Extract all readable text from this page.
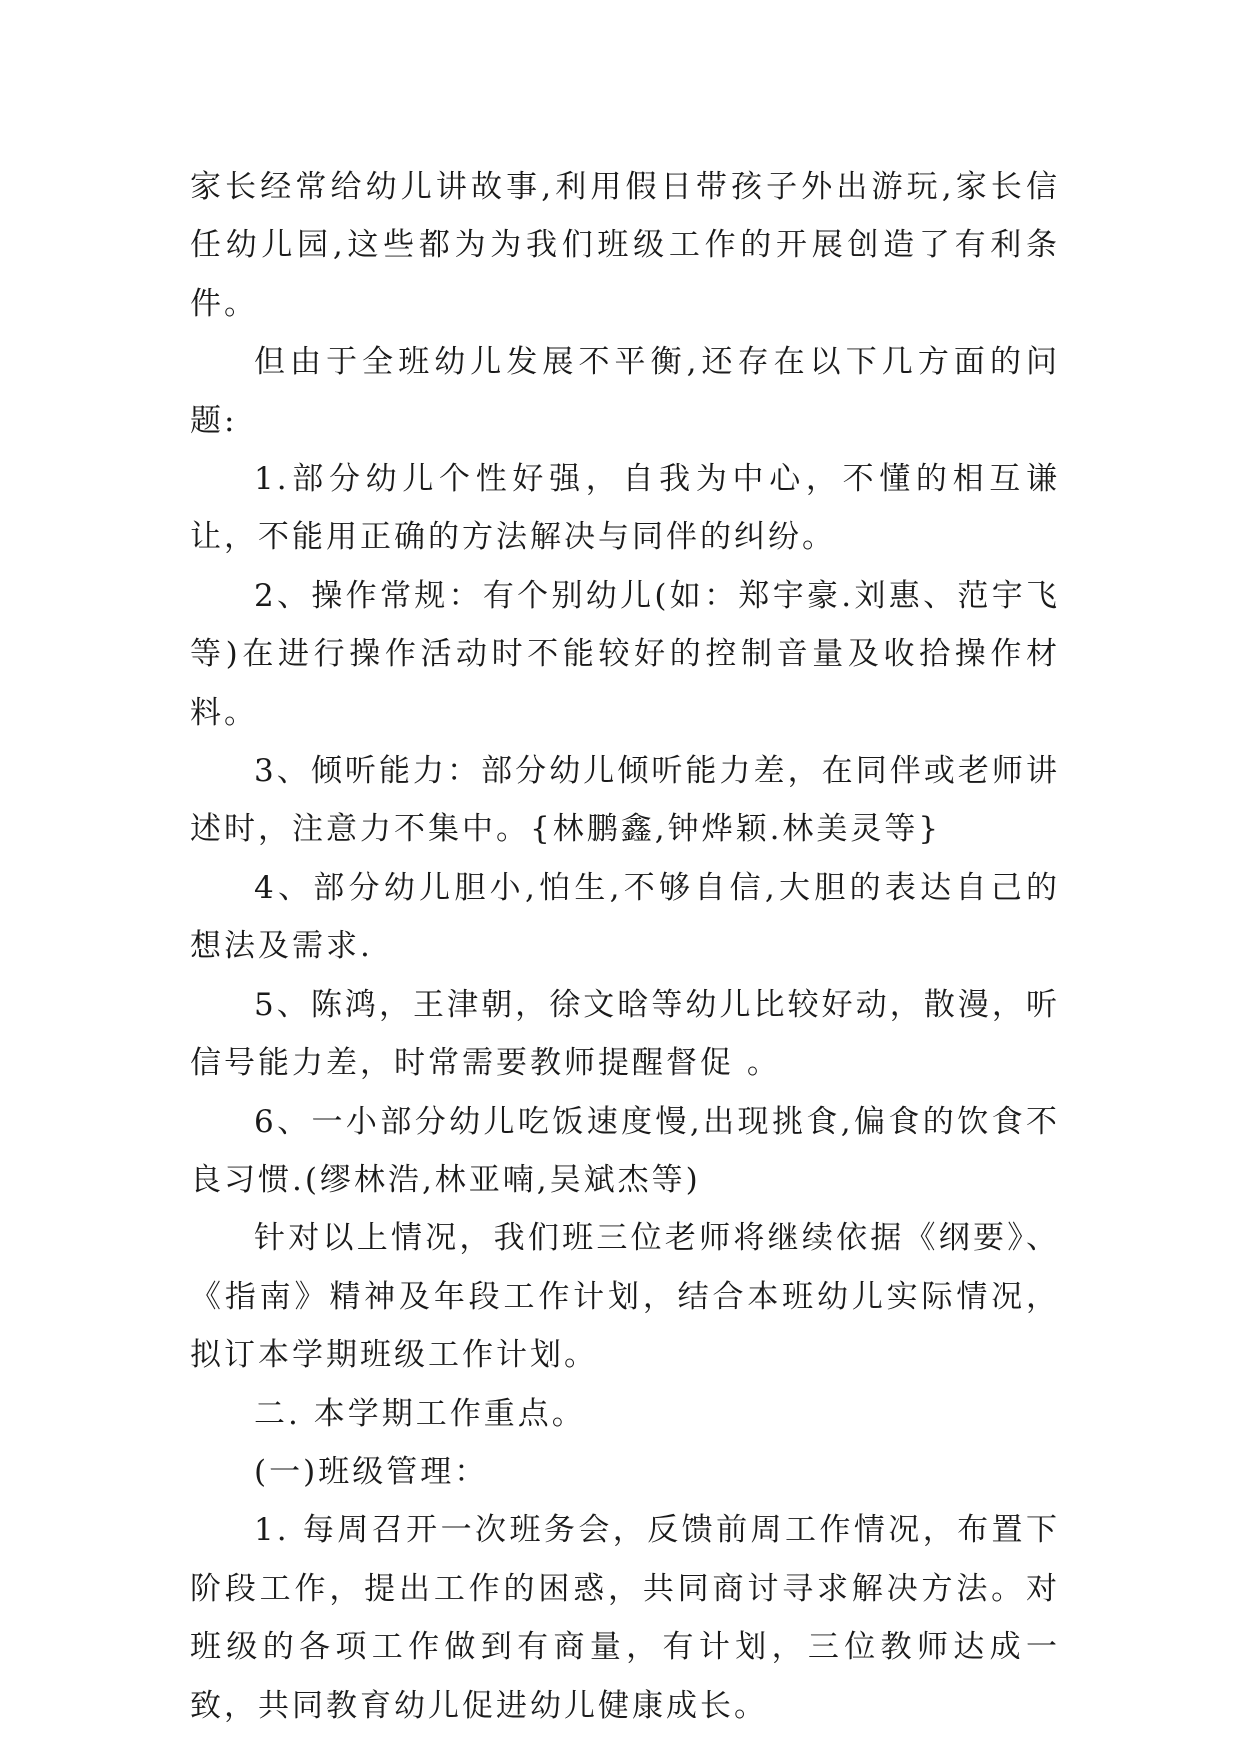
家长经常给幼儿讲故事,利用假日带孩子外出游玩,家长信任幼儿园,这些都为为我们班级工作的开展创造了有利条件。

但由于全班幼儿发展不平衡,还存在以下几方面的问题:

1.部分幼儿个性好强，自我为中心，不懂的相互谦让，不能用正确的方法解决与同伴的纠纷。

2、操作常规：有个别幼儿(如：郑宇豪.刘惠、范宇飞等)在进行操作活动时不能较好的控制音量及收拾操作材料。

3、倾听能力：部分幼儿倾听能力差，在同伴或老师讲述时，注意力不集中。{林鹏鑫,钟烨颖.林美灵等}

4、部分幼儿胆小,怕生,不够自信,大胆的表达自己的想法及需求.

5、陈鸿，王津朝，徐文晗等幼儿比较好动，散漫，听信号能力差，时常需要教师提醒督促 。

6、一小部分幼儿吃饭速度慢,出现挑食,偏食的饮食不良习惯.(缪林浩,林亚喃,吴斌杰等)

针对以上情况，我们班三位老师将继续依据《纲要》、《指南》精神及年段工作计划，结合本班幼儿实际情况，拟订本学期班级工作计划。

二. 本学期工作重点。

(一)班级管理：

1. 每周召开一次班务会，反馈前周工作情况，布置下阶段工作，提出工作的困惑，共同商讨寻求解决方法。对班级的各项工作做到有商量，有计划，三位教师达成一致，共同教育幼儿促进幼儿健康成长。
